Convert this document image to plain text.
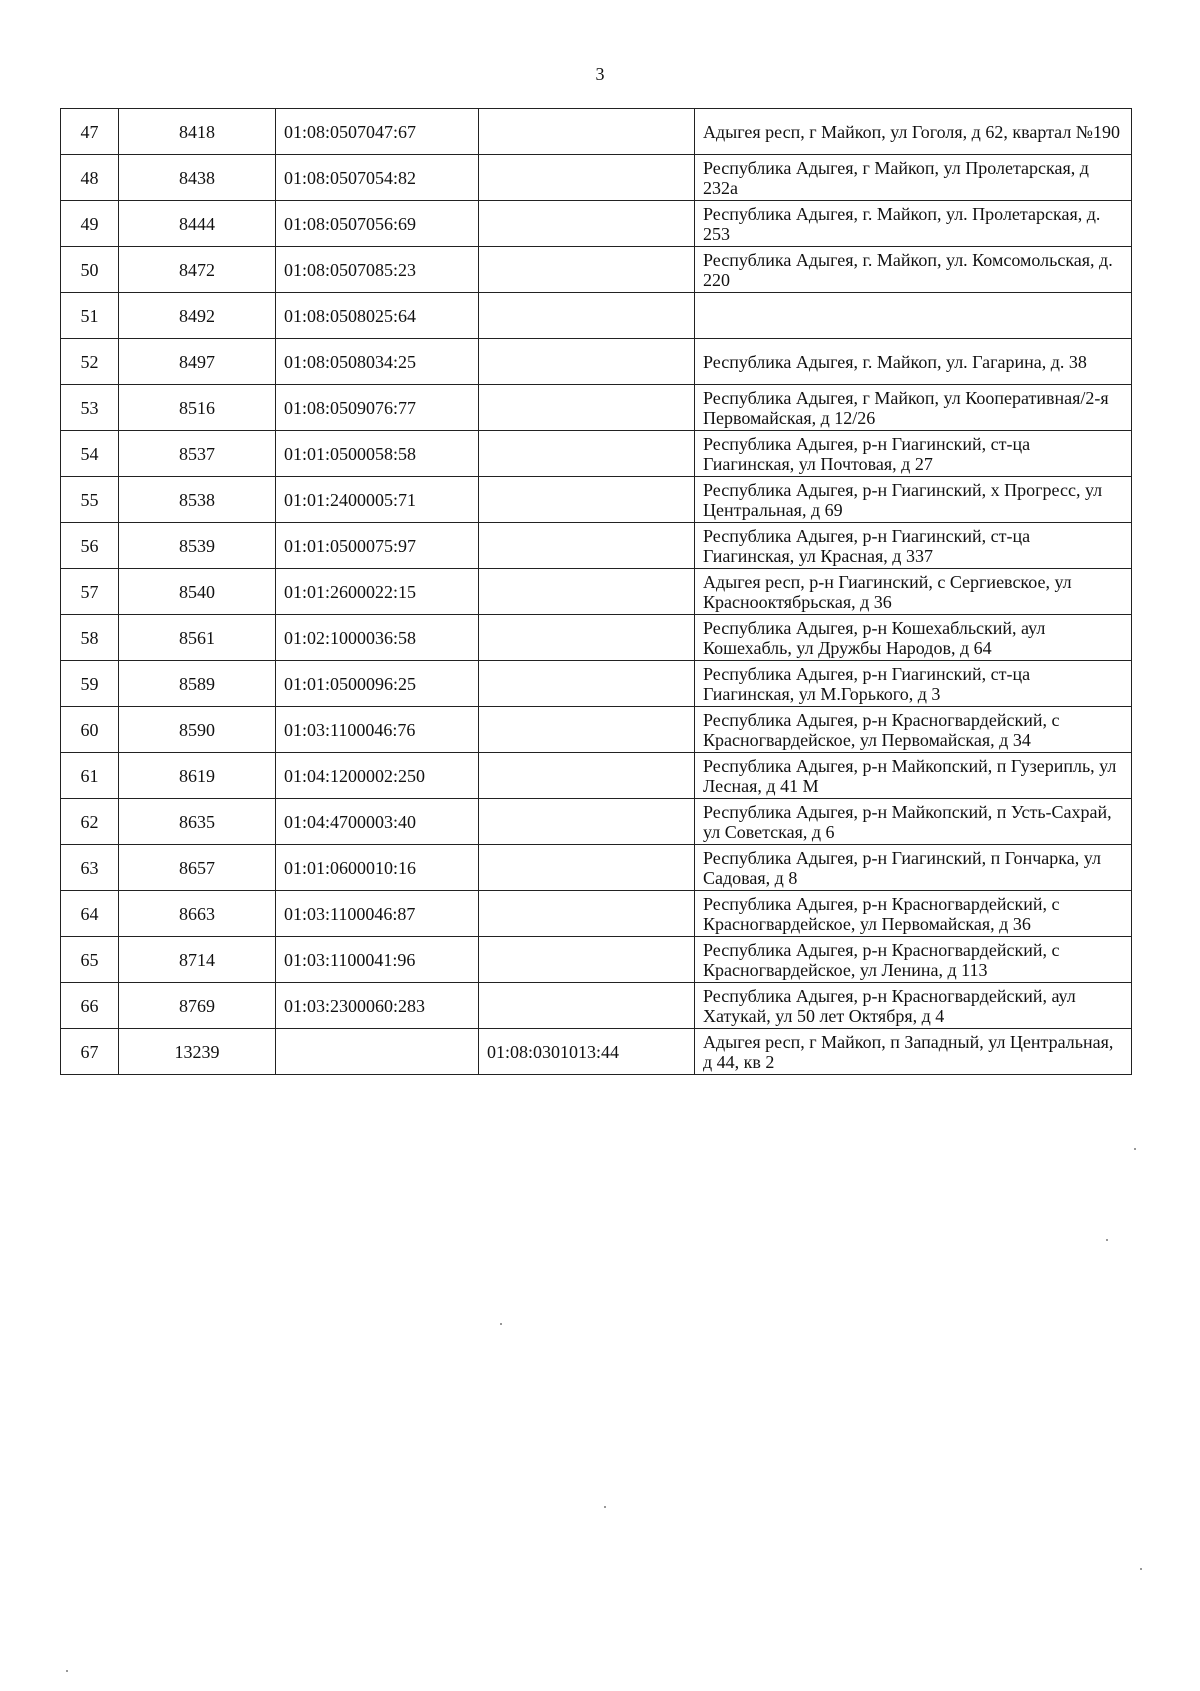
3
47	8418	01:08:0507047:67		Адыгея респ, г Майкоп, ул Гоголя, д 62, квартал №190
48	8438	01:08:0507054:82		Республика Адыгея, г Майкоп, ул Пролетарская, д 232а
49	8444	01:08:0507056:69		Республика Адыгея, г. Майкоп, ул. Пролетарская, д. 253
50	8472	01:08:0507085:23		Республика Адыгея, г. Майкоп, ул. Комсомольская, д. 220
51	8492	01:08:0508025:64		
52	8497	01:08:0508034:25		Республика Адыгея, г. Майкоп, ул. Гагарина, д. 38
53	8516	01:08:0509076:77		Республика Адыгея, г Майкоп, ул Кооперативная/2-я Первомайская, д 12/26
54	8537	01:01:0500058:58		Республика Адыгея, р-н Гиагинский, ст-ца Гиагинская, ул Почтовая, д 27
55	8538	01:01:2400005:71		Республика Адыгея, р-н Гиагинский, х Прогресс, ул Центральная, д 69
56	8539	01:01:0500075:97		Республика Адыгея, р-н Гиагинский, ст-ца Гиагинская, ул Красная, д 337
57	8540	01:01:2600022:15		Адыгея респ, р-н Гиагинский, с Сергиевское, ул Краснооктябрьская, д 36
58	8561	01:02:1000036:58		Республика Адыгея, р-н Кошехабльский, аул Кошехабль, ул Дружбы Народов, д 64
59	8589	01:01:0500096:25		Республика Адыгея, р-н Гиагинский, ст-ца Гиагинская, ул М.Горького, д 3
60	8590	01:03:1100046:76		Республика Адыгея, р-н Красногвардейский, с Красногвардейское, ул Первомайская, д 34
61	8619	01:04:1200002:250		Республика Адыгея, р-н Майкопский, п Гузерипль, ул Лесная, д 41 М
62	8635	01:04:4700003:40		Республика Адыгея, р-н Майкопский, п Усть-Сахрай, ул Советская, д 6
63	8657	01:01:0600010:16		Республика Адыгея, р-н Гиагинский, п Гончарка, ул Садовая, д 8
64	8663	01:03:1100046:87		Республика Адыгея, р-н Красногвардейский, с Красногвардейское, ул Первомайская, д 36
65	8714	01:03:1100041:96		Республика Адыгея, р-н Красногвардейский, с Красногвардейское, ул Ленина, д 113
66	8769	01:03:2300060:283		Республика Адыгея, р-н Красногвардейский, аул Хатукай, ул 50 лет Октября, д 4
67	13239		01:08:0301013:44	Адыгея респ, г Майкоп, п Западный, ул Центральная, д 44, кв 2
